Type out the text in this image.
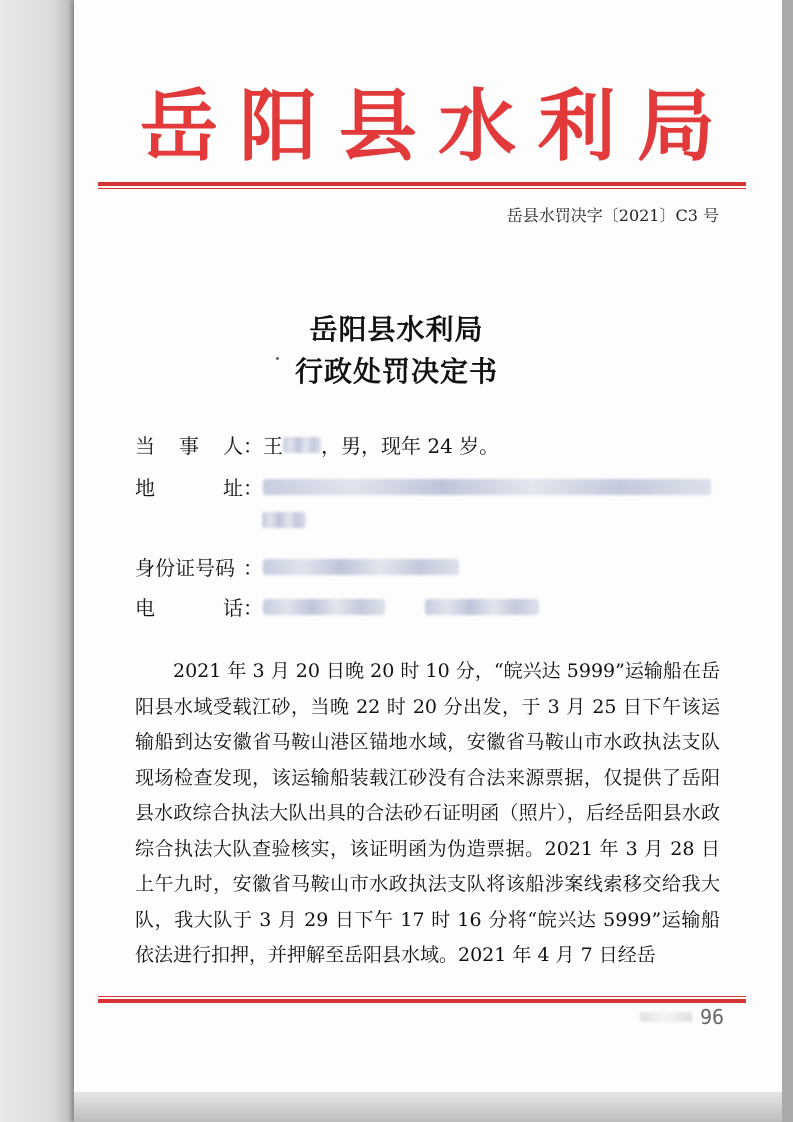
岳 阳 县 水 利 局
岳县水罚决字〔2021〕C3 号
岳阳县水利局
行政处罚决定书
当 事 人 ： 王 ，男，现年 24 岁。
地	址 ：
身份证号码 ：
电	话 ：
2021 年 3 月 20 日晚 20 时 10 分，“皖兴达 5999”运输船在岳阳县水域受载江砂，当晚 22 时 20 分出发，于 3 月 25 日下午该运输船到达安徽省马鞍山港区锚地水域，安徽省马鞍山市水政执法支队现场检查发现，该运输船装载江砂没有合法来源票据，仅提供了岳阳县水政综合执法大队出具的合法砂石证明函（照片），后经岳阳县水政综合执法大队查验核实，该证明函为伪造票据。2021 年 3 月 28 日上午九时，安徽省马鞍山市水政执法支队将该船涉案线索移交给我大队，我大队于 3 月 29 日下午 17 时 16 分将“皖兴达 5999”运输船 依法进行扣押，并押解至岳阳县水域。2021 年 4 月 7 日经岳
96
